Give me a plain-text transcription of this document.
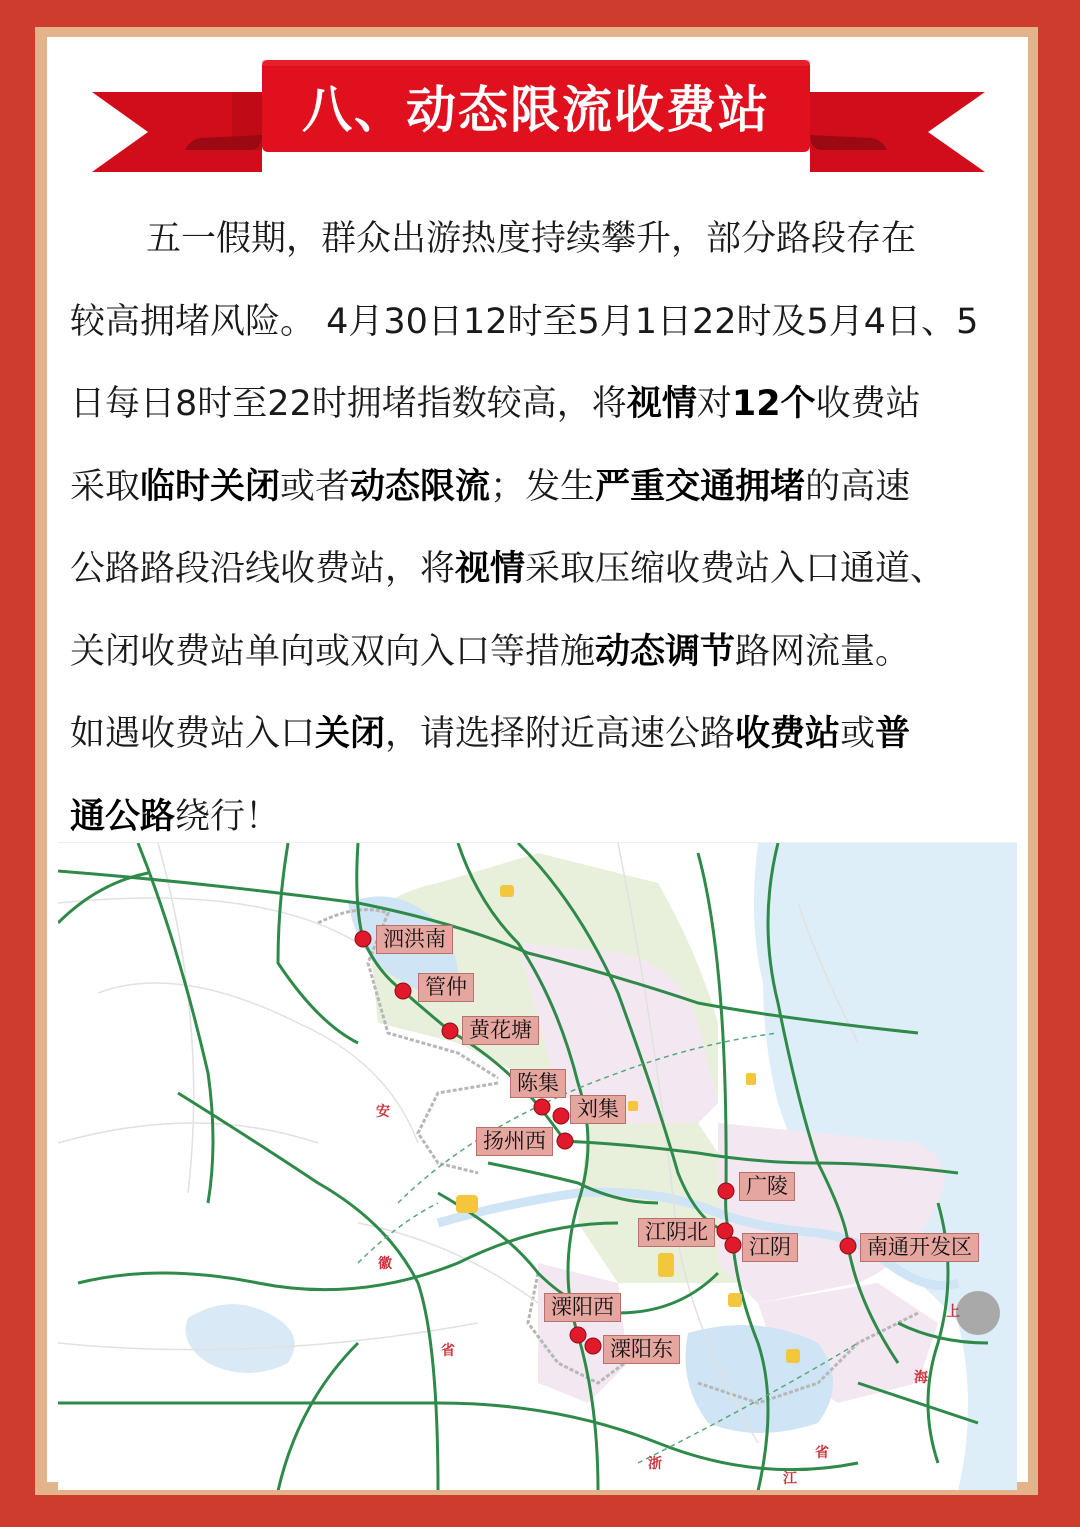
八、动态限流收费站
五一假期，群众出游热度持续攀升，部分路段存在
较高拥堵风险。 4月30日12时至5月1日22时及5月4日、5
日每日8时至22时拥堵指数较高，将视情对12个收费站
采取临时关闭或者动态限流；发生严重交通拥堵的高速
公路路段沿线收费站，将视情采取压缩收费站入口通道、
关闭收费站单向或双向入口等措施动态调节路网流量。
如遇收费站入口关闭，请选择附近高速公路收费站或普
通公路绕行！
泗洪南
管仲
黄花塘
陈集
刘集
扬州西
广陵
江阴北
江阴	南通开发区
溧阳西
溧阳东
安
徽
省
浙
江
省
上
海
